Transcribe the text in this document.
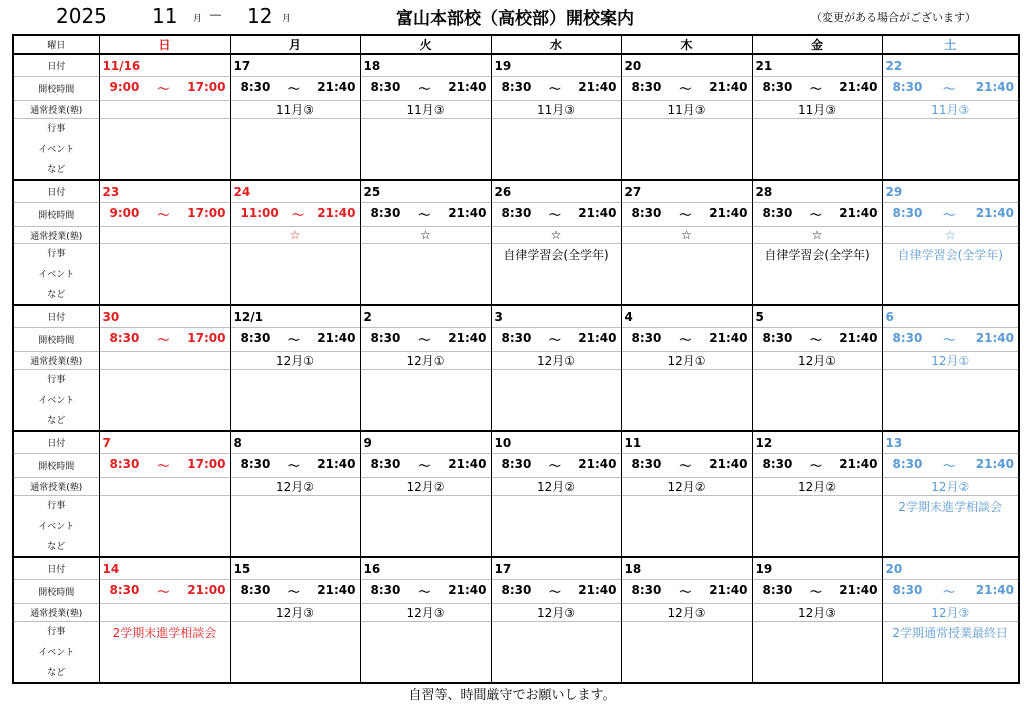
2025 11 月 ― 12 月	富山本部校（高校部）開校案内	（変更がある場合がございます）
曜日	日	月	火	水	木	金	土
日付	11/16	17	18	19	20	21	22
開校時間	9:00 ～ 17:00	8:30 ～ 21:40	8:30 ～ 21:40	8:30 ～ 21:40	8:30 ～ 21:40	8:30 ～ 21:40	8:30 ～ 21:40

通常授業(塾)		11月③	11月③	11月③	11月③	11月③	11月③

行事
イベント
など							

日付	23	24	25	26	27	28	29
開校時間	9:00 ～ 17:00	11:00 ～ 21:40	8:30 ～ 21:40	8:30 ～ 21:40	8:30 ～ 21:40	8:30 ～ 21:40	8:30 ～ 21:40

通常授業(塾)		☆	☆	☆	☆	☆	☆

行事
イベント
など				自律学習会(全学年)		自律学習会(全学年)	自律学習会(全学年)
日付	30	12/1	2	3	4	5	6
開校時間	8:30 ～ 17:00	8:30 ～ 21:40	8:30 ～ 21:40	8:30 ～ 21:40	8:30 ～ 21:40	8:30 ～ 21:40	8:30 ～ 21:40

通常授業(塾)		12月①	12月①	12月①	12月①	12月①	12月①

行事
イベント
など							

日付	7	8	9	10	11	12	13
開校時間	8:30 ～ 17:00	8:30 ～ 21:40	8:30 ～ 21:40	8:30 ～ 21:40	8:30 ～ 21:40	8:30 ～ 21:40	8:30 ～ 21:40

通常授業(塾)		12月②	12月②	12月②	12月②	12月②	12月②

行事
イベント
など							2学期末進学相談会
日付	14	15	16	17	18	19	20
開校時間	8:30 ～ 21:00	8:30 ～ 21:40	8:30 ～ 21:40	8:30 ～ 21:40	8:30 ～ 21:40	8:30 ～ 21:40	8:30 ～ 21:40

通常授業(塾)		12月③	12月③	12月③	12月③	12月③	12月③

行事
イベント
など	2学期末進学相談会						2学期通常授業最終日
自習等、時間厳守でお願いします。
